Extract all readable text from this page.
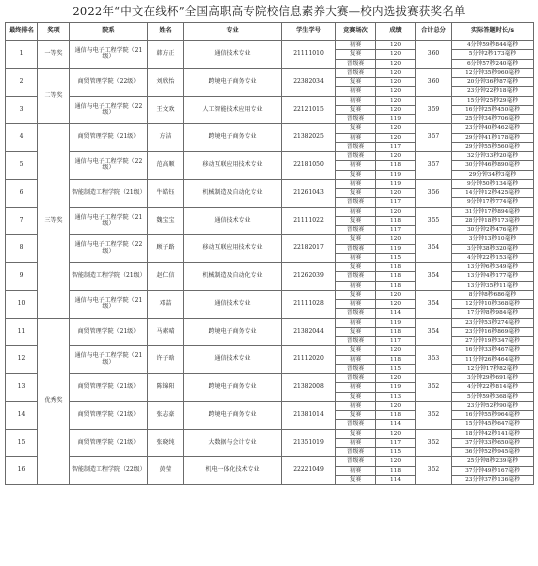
2022年“中文在线杯”全国高职高专院校信息素养大赛—校内选拔赛获奖名单
最终排名	奖项	院系	姓名	专业	学生学号	竞赛场次	成绩	合计总分	实际答题时长/s
1	一等奖	通信与电子工程学院（21级）	韩方正	通信技术专业	21111010	初赛	120	360	4分钟59秒844毫秒
						复赛	120		5分钟2秒173毫秒
						晋级赛	120		6分钟57秒240毫秒
2	二等奖	商贸管理学院（22级）	刘欣怡	跨境电子商务专业	22382034	晋级赛	120	360	12分钟35秒960毫秒
						复赛	120		20分钟36秒87毫秒
						初赛	120		23分钟22秒18毫秒
3		通信与电子工程学院（22级）	王文欢	人工智能技术应用专业	22121015	初赛	120	359	15分钟25秒29毫秒
						复赛	120		16分钟25秒450毫秒
						晋级赛	119		25分钟34秒706毫秒
4	三等奖	商贸管理学院（21级）	方洁	跨境电子商务专业	21382025	复赛	120	357	23分钟40秒462毫秒
						初赛	120		29分钟41秒178毫秒
						晋级赛	117		29分钟55秒560毫秒
5		通信与电子工程学院（22级）	范高顺	移动互联应用技术专业	22181050	晋级赛	120	357	32分钟33秒20毫秒
						初赛	118		30分钟46秒890毫秒
						复赛	119		29分钟34秒3毫秒
6		智能制造工程学院（21级）	牛皓钰	机械制造及自动化专业	21261043	初赛	119	356	9分钟50秒134毫秒
						复赛	120		14分钟12秒425毫秒
						晋级赛	117		9分钟17秒774毫秒
7		通信与电子工程学院（21级）	魏宝宝	通信技术专业	21111022	初赛	120	355	31分钟17秒894毫秒
						复赛	118		28分钟18秒173毫秒
						晋级赛	117		30分钟2秒476毫秒
8		通信与电子工程学院（22级）	顾子路	移动互联应用技术专业	22182017	复赛	120	354	3分钟13秒10毫秒
						晋级赛	119		3分钟38秒320毫秒
						初赛	115		4分钟22秒153毫秒
9		智能制造工程学院（21级）	赵仁信	机械制造及自动化专业	21262039	复赛	118	354	13分钟6秒349毫秒
						晋级赛	118		13分钟4秒177毫秒
						初赛	118		13分钟35秒11毫秒
10		通信与电子工程学院（21级）	邓喆	通信技术专业	21111028	复赛	120	354	8分钟8秒686毫秒
						初赛	120		12分钟10秒368毫秒
						晋级赛	114		17分钟8秒984毫秒
11	优秀奖	商贸管理学院（21级）	马素晴	跨境电子商务专业	21382044	初赛	119	354	23分钟53秒274毫秒
						复赛	118		23分钟16秒869毫秒
						晋级赛	117		27分钟19秒347毫秒
12		通信与电子工程学院（21级）	许子晗	通信技术专业	21112020	复赛	120	353	16分钟33秒467毫秒
						初赛	118		11分钟26秒464毫秒
						晋级赛	115		12分钟17秒82毫秒
13		商贸管理学院（21级）	陈锦阳	跨境电子商务专业	21382008	晋级赛	120	352	3分钟29秒691毫秒
						初赛	119		4分钟22秒814毫秒
						复赛	113		5分钟59秒368毫秒
14		商贸管理学院（21级）	张志豪	跨境电子商务专业	21381014	初赛	120	352	23分钟52秒90毫秒
						复赛	118		16分钟55秒964毫秒
						晋级赛	114		15分钟45秒647毫秒
15		商贸管理学院（21级）	张晓纯	大数据与会计专业	21351019	复赛	120	352	18分钟42秒141毫秒
						初赛	117		37分钟33秒650毫秒
						晋级赛	115		36分钟52秒945毫秒
16		智能制造工程学院（22级）	黄莹	机电一体化技术专业	22221049	晋级赛	120	352	25分钟8秒239毫秒
						初赛	118		37分钟49秒167毫秒
						复赛	114		23分钟37秒136毫秒
